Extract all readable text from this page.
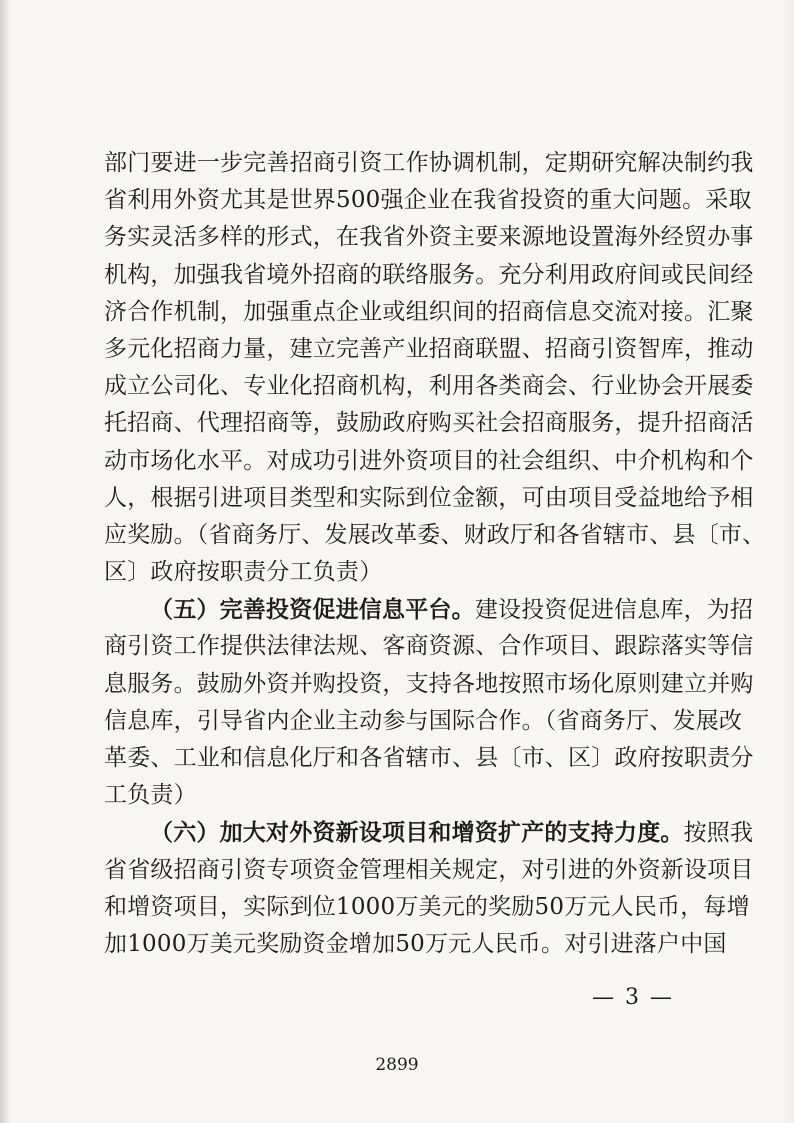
部门要进一步完善招商引资工作协调机制，定期研究解决制约我
省利用外资尤其是世界500强企业在我省投资的重大问题。采取
务实灵活多样的形式，在我省外资主要来源地设置海外经贸办事
机构，加强我省境外招商的联络服务。充分利用政府间或民间经
济合作机制，加强重点企业或组织间的招商信息交流对接。汇聚
多元化招商力量，建立完善产业招商联盟、招商引资智库，推动
成立公司化、专业化招商机构，利用各类商会、行业协会开展委
托招商、代理招商等，鼓励政府购买社会招商服务，提升招商活
动市场化水平。对成功引进外资项目的社会组织、中介机构和个
人，根据引进项目类型和实际到位金额，可由项目受益地给予相
应奖励。（省商务厅、发展改革委、财政厅和各省辖市、县〔市、
区〕政府按职责分工负责）
（五）完善投资促进信息平台。建设投资促进信息库，为招
商引资工作提供法律法规、客商资源、合作项目、跟踪落实等信
息服务。鼓励外资并购投资，支持各地按照市场化原则建立并购
信息库，引导省内企业主动参与国际合作。（省商务厅、发展改
革委、工业和信息化厅和各省辖市、县〔市、区〕政府按职责分
工负责）
（六）加大对外资新设项目和增资扩产的支持力度。按照我
省省级招商引资专项资金管理相关规定，对引进的外资新设项目
和增资项目，实际到位1000万美元的奖励50万元人民币，每增
加1000万美元奖励资金增加50万元人民币。对引进落户中国
— 3 —
2899
